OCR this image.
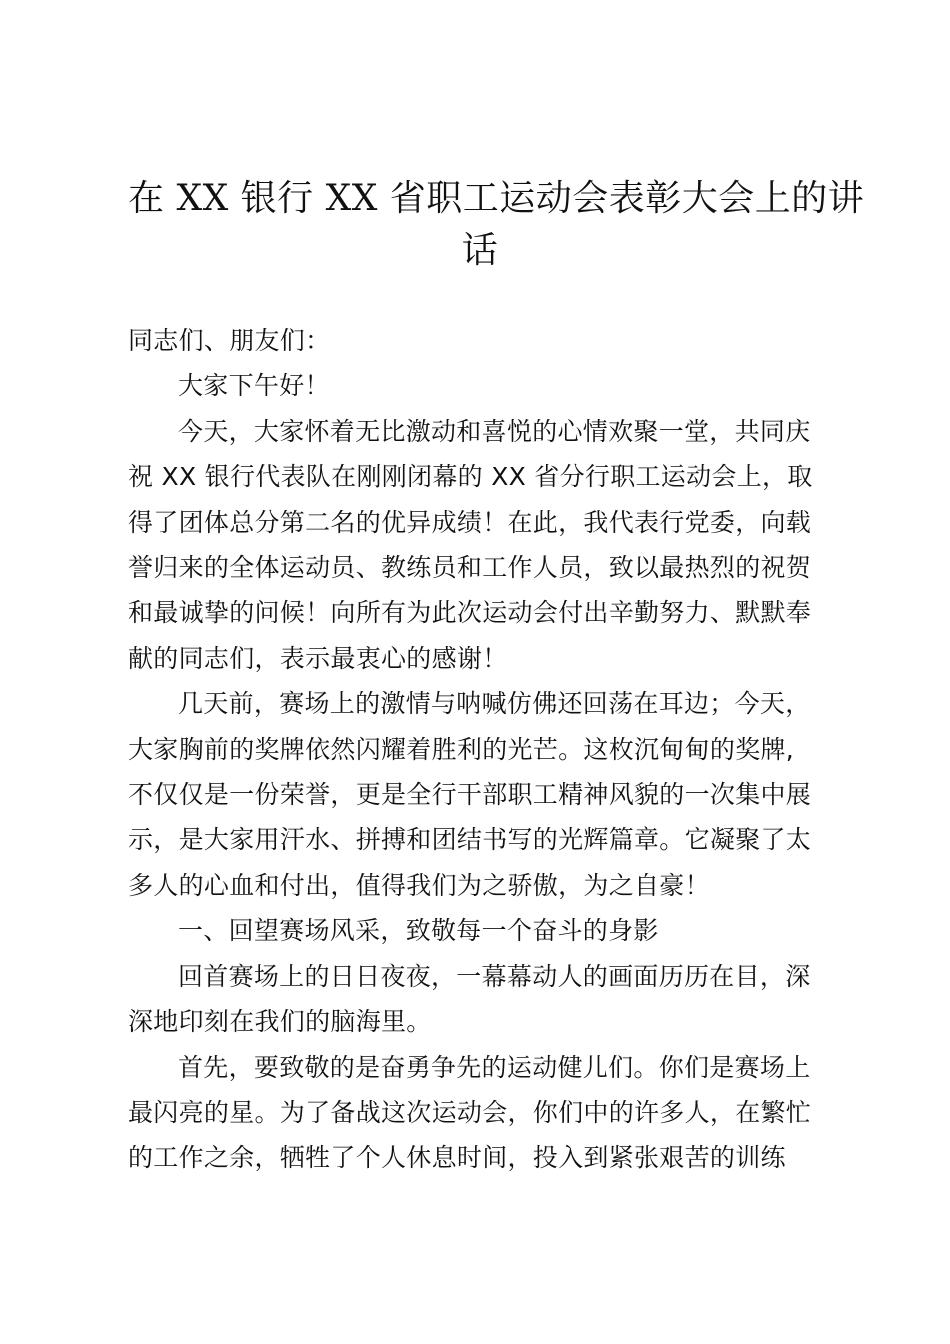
在 XX 银行 XX 省职工运动会表彰大会上的讲
话

同志们、朋友们：

大家下午好！

今天，大家怀着无比激动和喜悦的心情欢聚一堂，共同庆
祝 XX 银行代表队在刚刚闭幕的 XX 省分行职工运动会上，取
得了团体总分第二名的优异成绩！在此，我代表行党委，向载
誉归来的全体运动员、教练员和工作人员，致以最热烈的祝贺
和最诚挚的问候！向所有为此次运动会付出辛勤努力、默默奉
献的同志们，表示最衷心的感谢！

几天前，赛场上的激情与呐喊仿佛还回荡在耳边；今天，
大家胸前的奖牌依然闪耀着胜利的光芒。这枚沉甸甸的奖牌,
不仅仅是一份荣誉，更是全行干部职工精神风貌的一次集中展
示，是大家用汗水、拼搏和团结书写的光辉篇章。它凝聚了太
多人的心血和付出，值得我们为之骄傲，为之自豪！

一、回望赛场风采，致敬每一个奋斗的身影

回首赛场上的日日夜夜，一幕幕动人的画面历历在目，深
深地印刻在我们的脑海里。

首先，要致敬的是奋勇争先的运动健儿们。你们是赛场上
最闪亮的星。为了备战这次运动会，你们中的许多人，在繁忙
的工作之余，牺牲了个人休息时间，投入到紧张艰苦的训练
